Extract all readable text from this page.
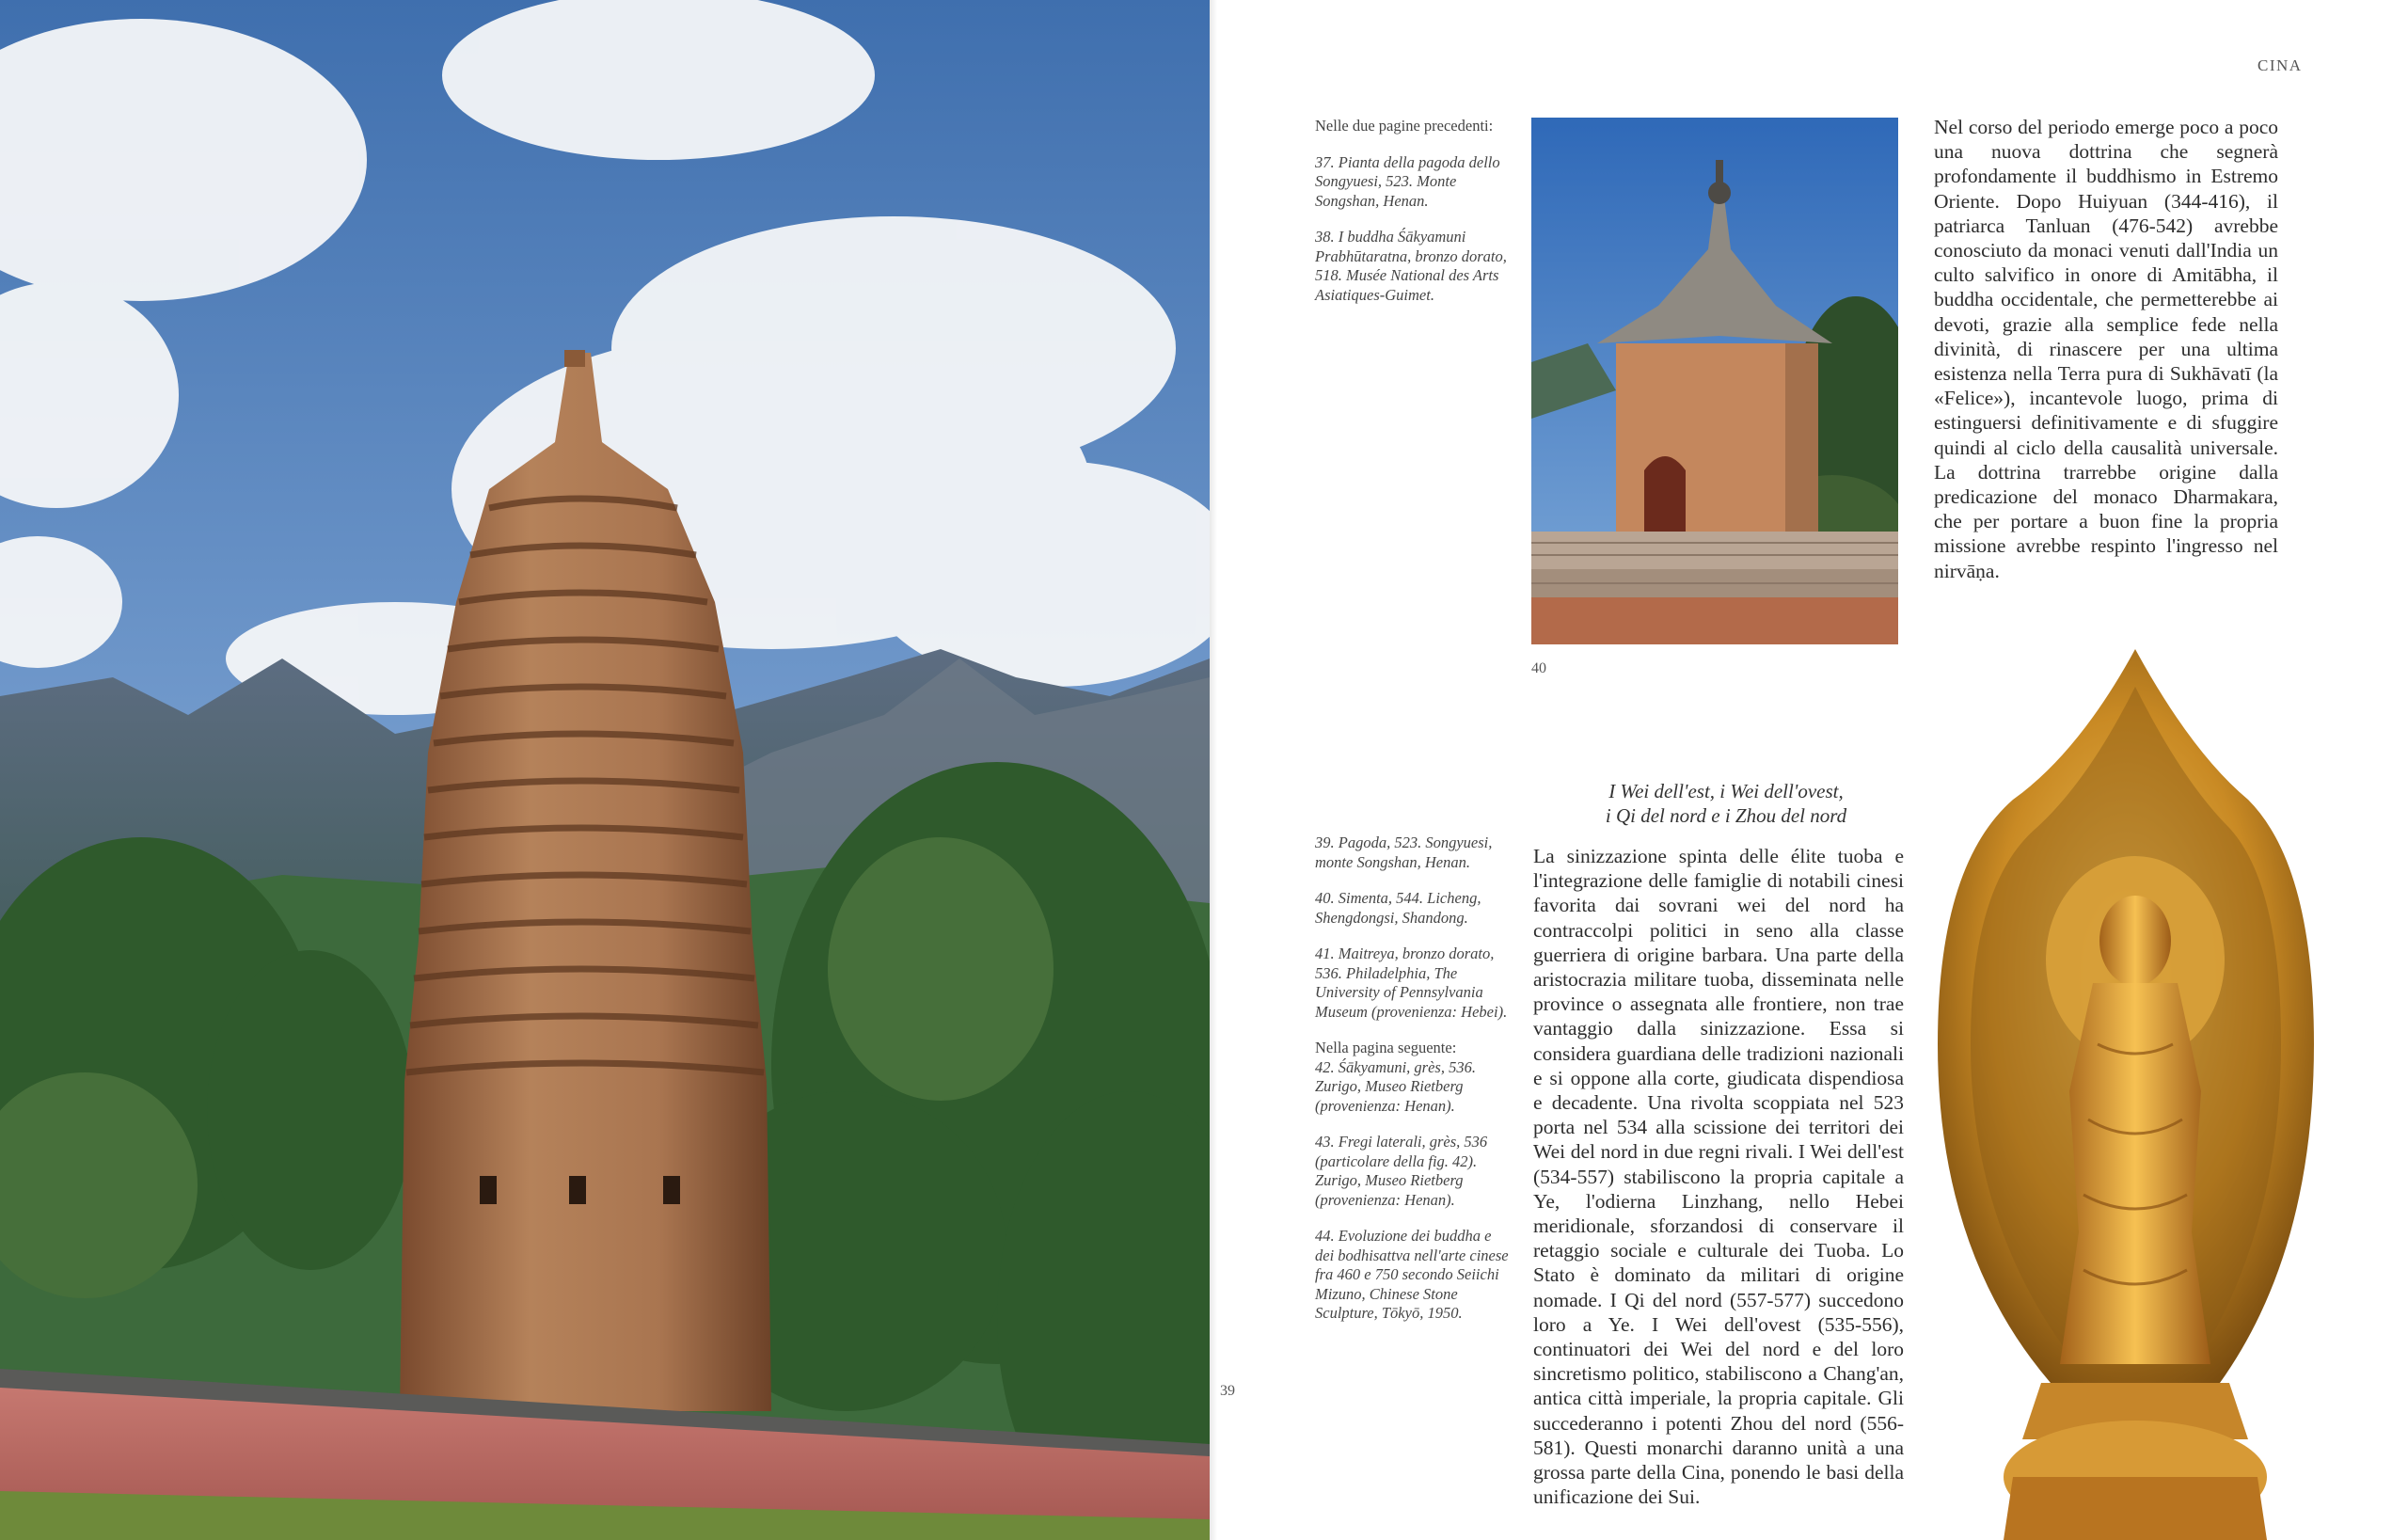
39
40
CINA

Nelle due pagine precedenti:

37. Pianta della pagoda dello Songyuesi, 523. Monte Songshan, Henan.

38. I buddha Śākyamuni Prabhūtaratna, bronzo dorato, 518. Musée National des Arts Asiatiques-Guimet.

39. Pagoda, 523. Songyuesi, monte Songshan, Henan.

40. Simenta, 544. Licheng, Shengdongsi, Shandong.

41. Maitreya, bronzo dorato, 536. Philadelphia, The University of Pennsylvania Museum (provenienza: Hebei).

Nella pagina seguente:

42. Śākyamuni, grès, 536. Zurigo, Museo Rietberg (provenienza: Henan).

43. Fregi laterali, grès, 536 (particolare della fig. 42). Zurigo, Museo Rietberg (provenienza: Henan).

44. Evoluzione dei buddha e dei bodhisattva nell'arte cinese fra 460 e 750 secondo Seiichi Mizuno, Chinese Stone Sculpture, Tōkyō, 1950.

Nel corso del periodo emerge poco a poco una nuova dottrina che segnerà profondamente il buddhismo in Estremo Oriente. Dopo Huiyuan (344-416), il patriarca Tanluan (476-542) avrebbe conosciuto da monaci venuti dall'India un culto salvifico in onore di Amitābha, il buddha occidentale, che permetterebbe ai devoti, grazie alla semplice fede nella divinità, di rinascere per una ultima esistenza nella Terra pura di Sukhāvatī (la «Felice»), incantevole luogo, prima di estinguersi definitivamente e di sfuggire quindi al ciclo della causalità universale. La dottrina trarrebbe origine dalla predicazione del monaco Dharmakara, che per portare a buon fine la propria missione avrebbe respinto l'ingresso nel nirvāṇa.

I Wei dell'est, i Wei dell'ovest,
i Qi del nord e i Zhou del nord

La sinizzazione spinta delle élite tuoba e l'integrazione delle famiglie di notabili cinesi favorita dai sovrani wei del nord ha contraccolpi politici in seno alla classe guerriera di origine barbara. Una parte della aristocrazia militare tuoba, disseminata nelle province o assegnata alle frontiere, non trae vantaggio dalla sinizzazione. Essa si considera guardiana delle tradizioni nazionali e si oppone alla corte, giudicata dispendiosa e decadente. Una rivolta scoppiata nel 523 porta nel 534 alla scissione dei territori dei Wei del nord in due regni rivali. I Wei dell'est (534-557) stabiliscono la propria capitale a Ye, l'odierna Linzhang, nello Hebei meridionale, sforzandosi di conservare il retaggio sociale e culturale dei Tuoba. Lo Stato è dominato da militari di origine nomade. I Qi del nord (557-577) succedono loro a Ye. I Wei dell'ovest (535-556), continuatori dei Wei del nord e del loro sincretismo politico, stabiliscono a Chang'an, antica città imperiale, la propria capitale. Gli succederanno i potenti Zhou del nord (556-581). Questi monarchi daranno unità a una grossa parte della Cina, ponendo le basi della unificazione dei Sui.
